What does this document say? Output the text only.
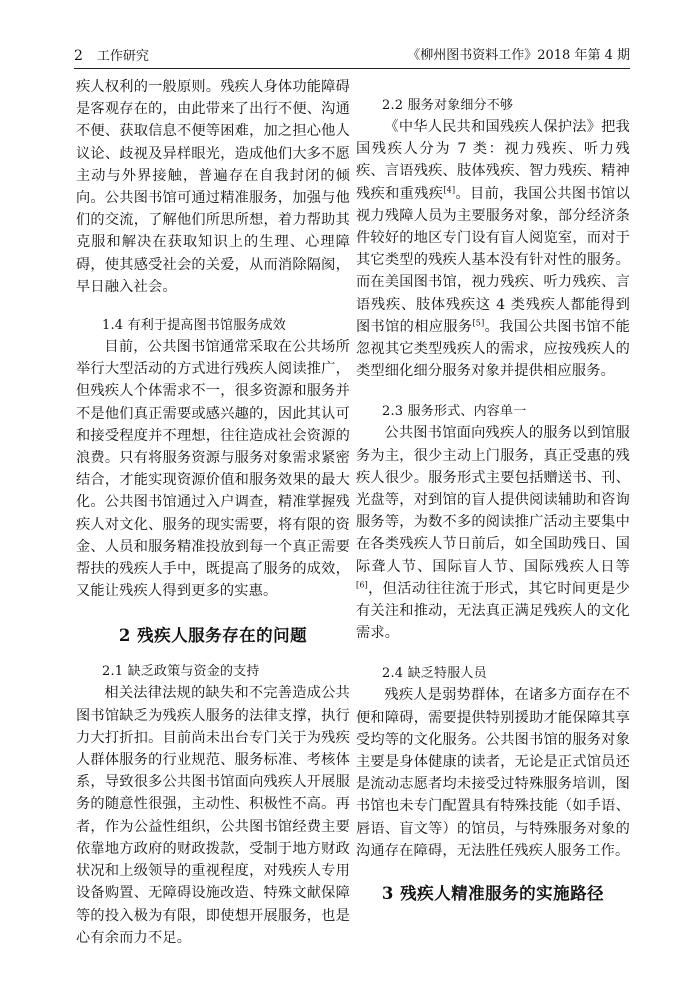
2 工作研究	《柳州图书资料工作》2018 年第 4 期

疾人权利的一般原则。残疾人身体功能障碍是客观存在的，由此带来了出行不便、沟通不便、获取信息不便等困难，加之担心他人议论、歧视及异样眼光，造成他们大多不愿主动与外界接触，普遍存在自我封闭的倾向。公共图书馆可通过精准服务，加强与他们的交流，了解他们所思所想，着力帮助其克服和解决在获取知识上的生理、心理障碍，使其感受社会的关爱，从而消除隔阂，早日融入社会。

1.4 有利于提高图书馆服务成效

目前，公共图书馆通常采取在公共场所举行大型活动的方式进行残疾人阅读推广，但残疾人个体需求不一，很多资源和服务并不是他们真正需要或感兴趣的，因此其认可和接受程度并不理想，往往造成社会资源的浪费。只有将服务资源与服务对象需求紧密结合，才能实现资源价值和服务效果的最大化。公共图书馆通过入户调查，精准掌握残疾人对文化、服务的现实需要，将有限的资金、人员和服务精准投放到每一个真正需要帮扶的残疾人手中，既提高了服务的成效，又能让残疾人得到更多的实惠。

2 残疾人服务存在的问题

2.1 缺乏政策与资金的支持

相关法律法规的缺失和不完善造成公共图书馆缺乏为残疾人服务的法律支撑，执行力大打折扣。目前尚未出台专门关于为残疾人群体服务的行业规范、服务标准、考核体系，导致很多公共图书馆面向残疾人开展服务的随意性很强，主动性、积极性不高。再者，作为公益性组织，公共图书馆经费主要依靠地方政府的财政拨款，受制于地方财政状况和上级领导的重视程度，对残疾人专用设备购置、无障碍设施改造、特殊文献保障等的投入极为有限，即使想开展服务，也是心有余而力不足。

2.2 服务对象细分不够

《中华人民共和国残疾人保护法》把我国残疾人分为 7 类：视力残疾、听力残疾、言语残疾、肢体残疾、智力残疾、精神残疾和重残疾[4]。目前，我国公共图书馆以视力残障人员为主要服务对象，部分经济条件较好的地区专门设有盲人阅览室，而对于其它类型的残疾人基本没有针对性的服务。而在美国图书馆，视力残疾、听力残疾、言语残疾、肢体残疾这 4 类残疾人都能得到图书馆的相应服务[5]。我国公共图书馆不能忽视其它类型残疾人的需求，应按残疾人的类型细化细分服务对象并提供相应服务。

2.3 服务形式、内容单一

公共图书馆面向残疾人的服务以到馆服务为主，很少主动上门服务，真正受惠的残疾人很少。服务形式主要包括赠送书、刊、光盘等，对到馆的盲人提供阅读辅助和咨询服务等，为数不多的阅读推广活动主要集中在各类残疾人节日前后，如全国助残日、国际聋人节、国际盲人节、国际残疾人日等[6]，但活动往往流于形式，其它时间更是少有关注和推动，无法真正满足残疾人的文化需求。

2.4 缺乏特服人员

残疾人是弱势群体，在诸多方面存在不便和障碍，需要提供特别援助才能保障其享受均等的文化服务。公共图书馆的服务对象主要是身体健康的读者，无论是正式馆员还是流动志愿者均未接受过特殊服务培训，图书馆也未专门配置具有特殊技能（如手语、唇语、盲文等）的馆员，与特殊服务对象的沟通存在障碍，无法胜任残疾人服务工作。

3 残疾人精准服务的实施路径
